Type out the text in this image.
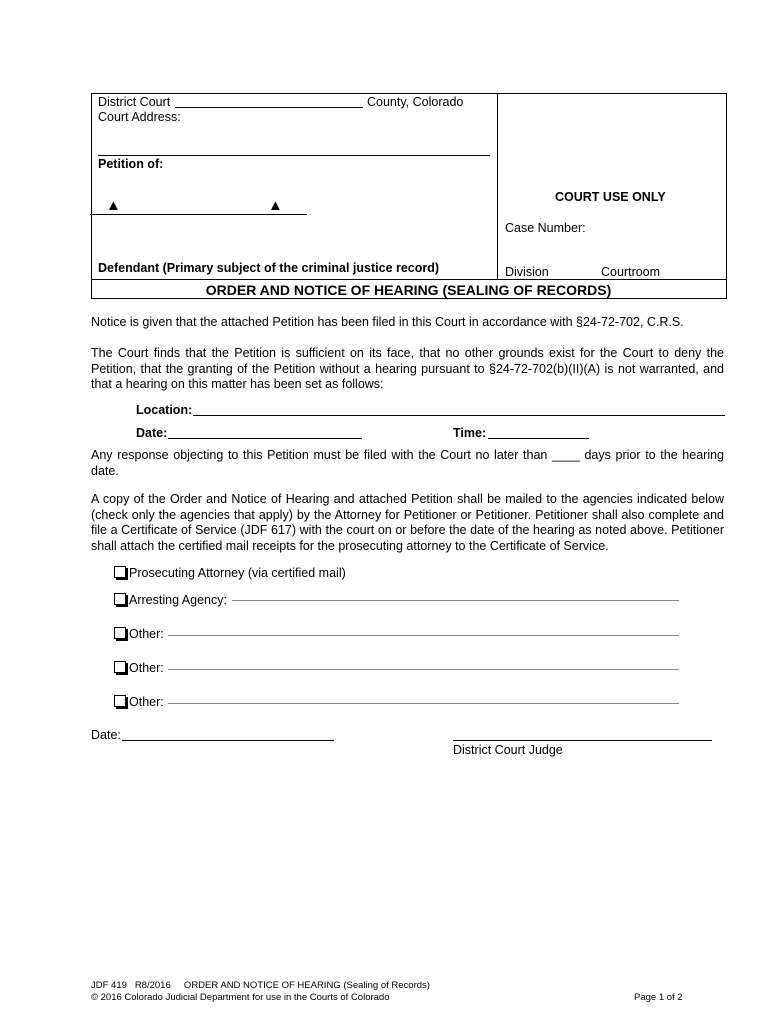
District Court	County, Colorado
Court Address:
Petition of:
▲	▲
Defendant (Primary subject of the criminal justice record)
COURT USE ONLY
Case Number:
Division	Courtroom
ORDER AND NOTICE OF HEARING (SEALING OF RECORDS)
Notice is given that the attached Petition has been filed in this Court in accordance with §24-72-702, C.R.S.
The Court finds that the Petition is sufficient on its face, that no other grounds exist for the Court to deny the Petition, that the granting of the Petition without a hearing pursuant to §24-72-702(b)(II)(A) is not warranted, and that a hearing on this matter has been set as follows:
Location:
Date:	Time:
Any response objecting to this Petition must be filed with the Court no later than ____ days prior to the hearing date.
A copy of the Order and Notice of Hearing and attached Petition shall be mailed to the agencies indicated below (check only the agencies that apply) by the Attorney for Petitioner or Petitioner. Petitioner shall also complete and file a Certificate of Service (JDF 617) with the court on or before the date of the hearing as noted above. Petitioner shall attach the certified mail receipts for the prosecuting attorney to the Certificate of Service.
Prosecuting Attorney (via certified mail)
Arresting Agency:
Other:
Other:
Other:
Date:
District Court Judge
JDF 419   R8/2016     ORDER AND NOTICE OF HEARING (Sealing of Records)
© 2016 Colorado Judicial Department for use in the Courts of Colorado	Page 1 of 2
